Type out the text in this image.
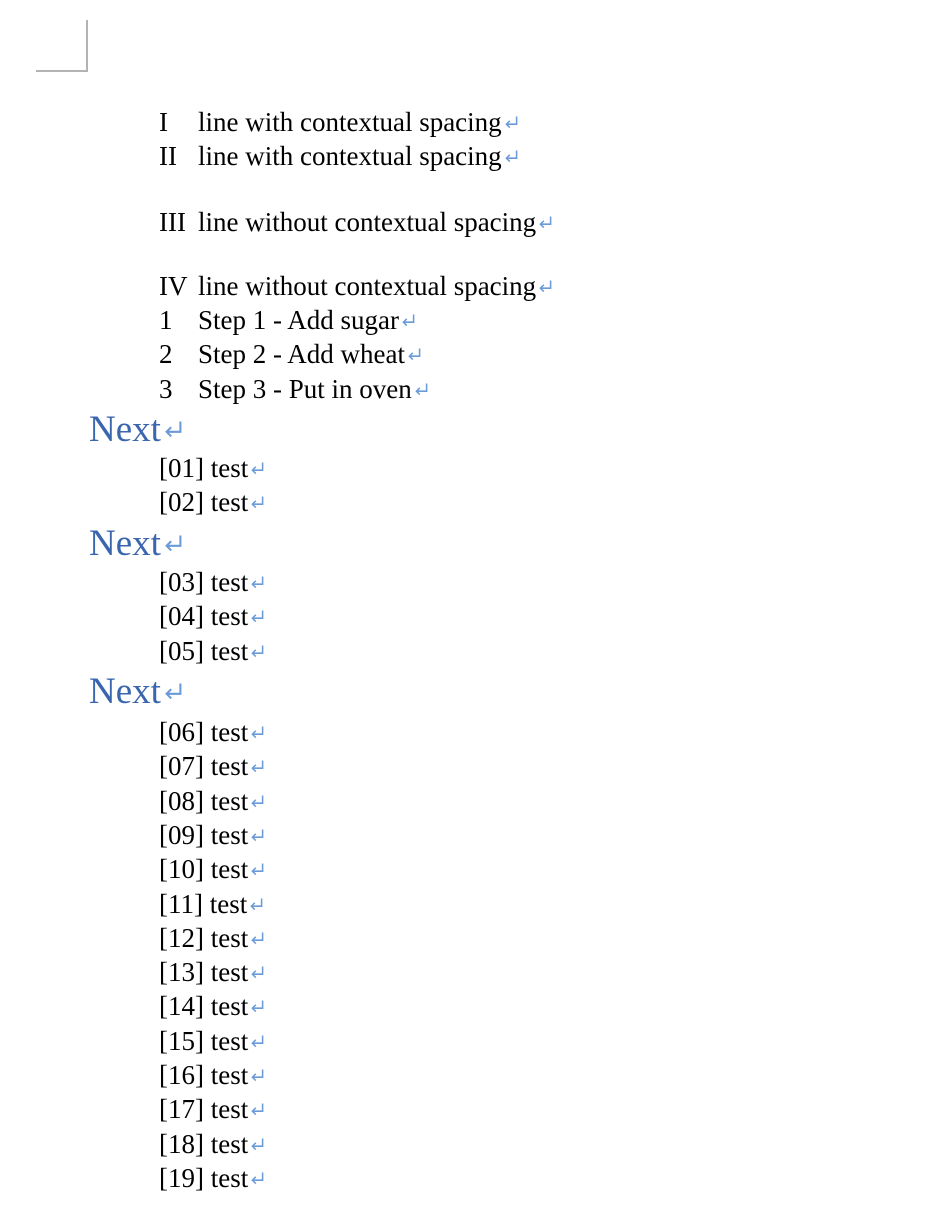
I line with contextual spacing
II line with contextual spacing
III line without contextual spacing
IV line without contextual spacing
1 Step 1 - Add sugar
2 Step 2 - Add wheat
3 Step 3 - Put in oven
Next
[01] test
[02] test
Next
[03] test
[04] test
[05] test
Next
[06] test
[07] test
[08] test
[09] test
[10] test
[11] test
[12] test
[13] test
[14] test
[15] test
[16] test
[17] test
[18] test
[19] test
